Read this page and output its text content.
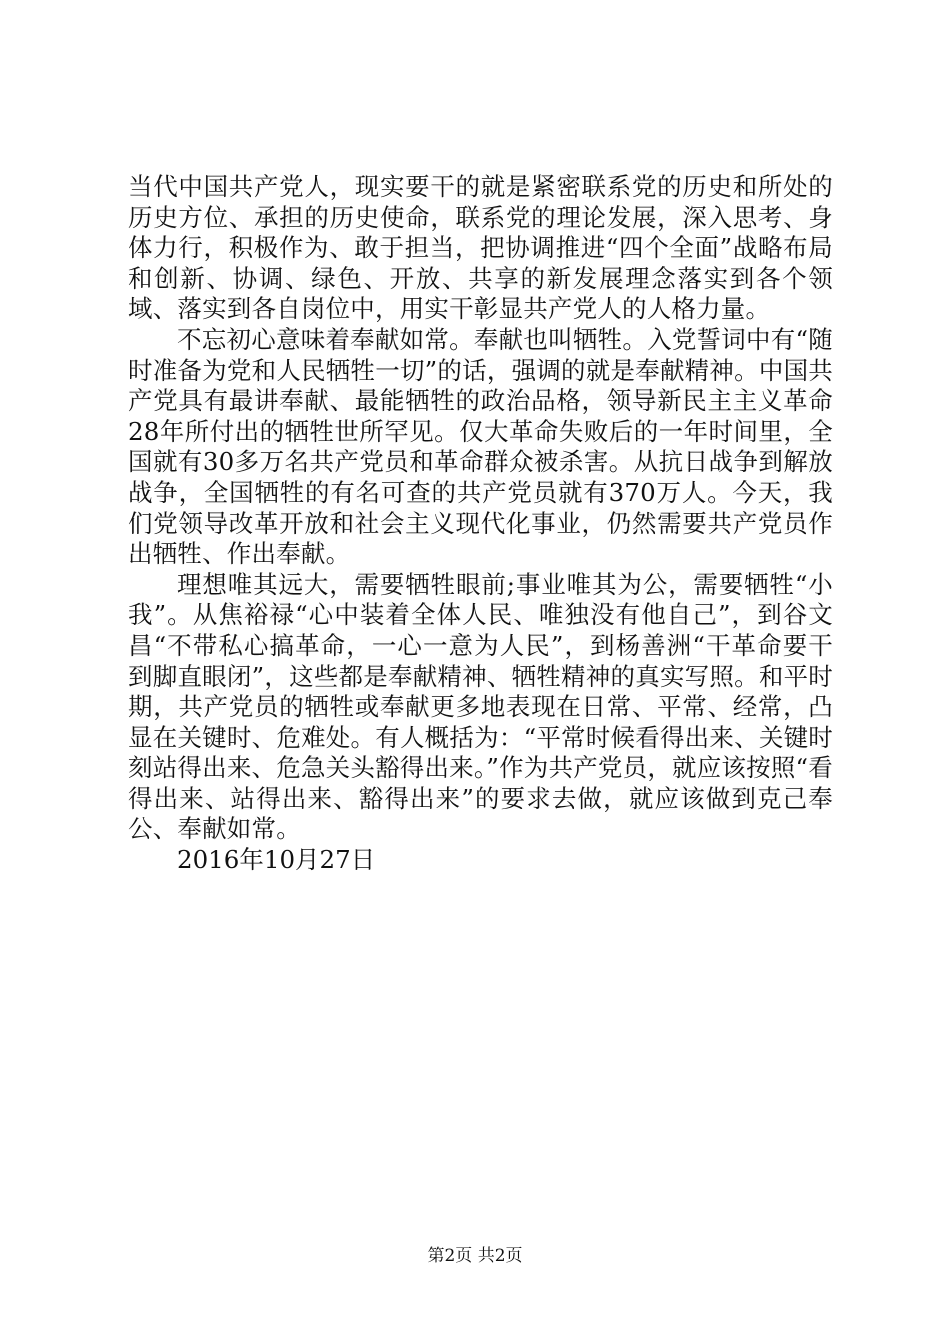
当代中国共产党人，现实要干的就是紧密联系党的历史和所处的历史方位、承担的历史使命，联系党的理论发展，深入思考、身体力行，积极作为、敢于担当，把协调推进“四个全面”战略布局和创新、协调、绿色、开放、共享的新发展理念落实到各个领域、落实到各自岗位中，用实干彰显共产党人的人格力量。

不忘初心意味着奉献如常。奉献也叫牺牲。入党誓词中有“随时准备为党和人民牺牲一切”的话，强调的就是奉献精神。中国共产党具有最讲奉献、最能牺牲的政治品格，领导新民主主义革命28年所付出的牺牲世所罕见。仅大革命失败后的一年时间里，全国就有30多万名共产党员和革命群众被杀害。从抗日战争到解放战争，全国牺牲的有名可查的共产党员就有370万人。今天，我们党领导改革开放和社会主义现代化事业，仍然需要共产党员作出牺牲、作出奉献。

理想唯其远大，需要牺牲眼前;事业唯其为公，需要牺牲“小我”。从焦裕禄“心中装着全体人民、唯独没有他自己”，到谷文昌“不带私心搞革命，一心一意为人民”，到杨善洲“干革命要干到脚直眼闭”，这些都是奉献精神、牺牲精神的真实写照。和平时期，共产党员的牺牲或奉献更多地表现在日常、平常、经常，凸显在关键时、危难处。有人概括为：“平常时候看得出来、关键时刻站得出来、危急关头豁得出来。”作为共产党员，就应该按照“看得出来、站得出来、豁得出来”的要求去做，就应该做到克己奉公、奉献如常。

2016年10月27日

第2页 共2页
